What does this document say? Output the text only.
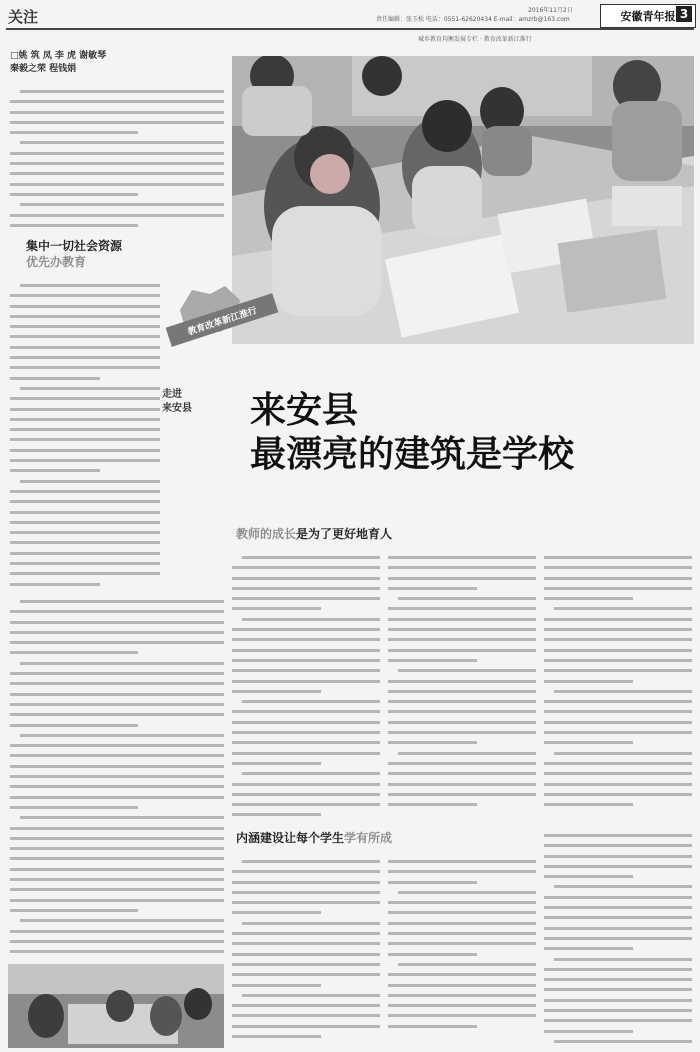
关注	2016年11月2日
责任编辑：张玉松 电话：0551-62620434 E-mail：amzrb@163.com	安徽青年报 3
城乡教育均衡发展专栏 · 教育改革新江淮行
□姚 筑 凤 李 虎 谢敏琴
秦毅之荣 程钱娟
集中一切社会资源
优先办教育
教育改革新江淮行
走进
来安县 来安县
最漂亮的建筑是学校
教师的成长是为了更好地育人
内涵建设让每个学生学有所成
